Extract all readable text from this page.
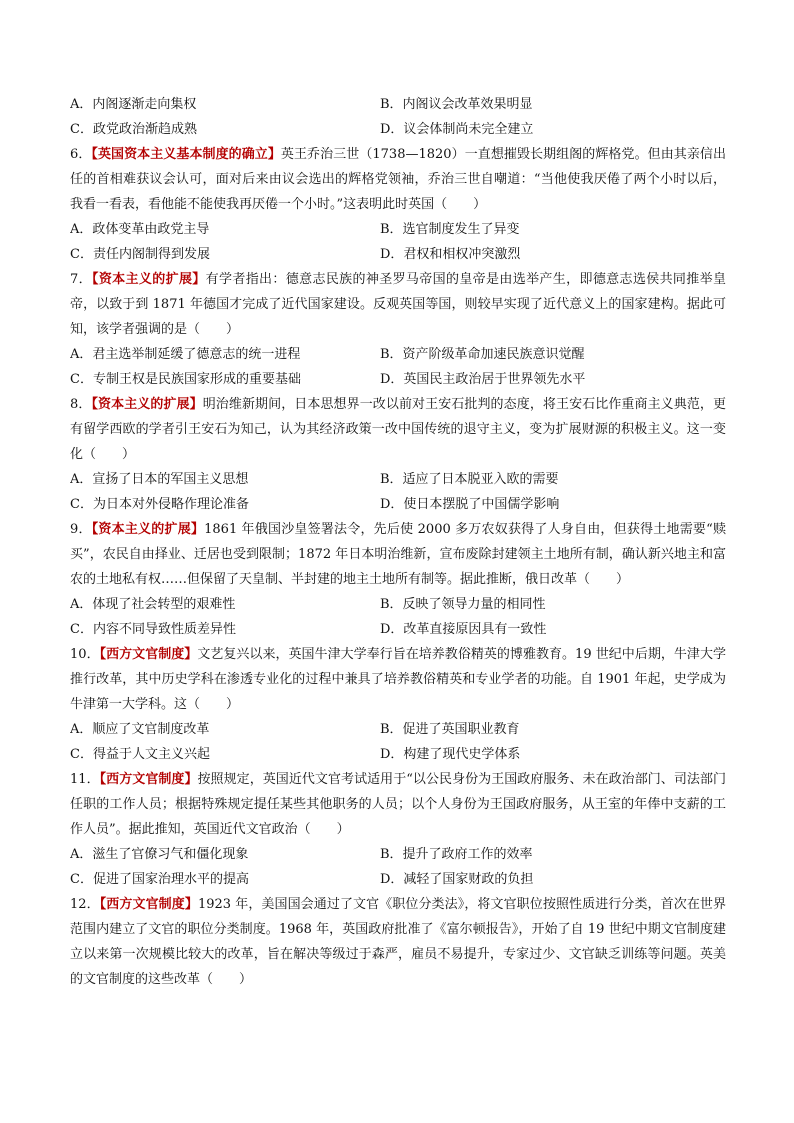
A．内阁逐渐走向集权	B．内阁议会改革效果明显
C．政党政治渐趋成熟	D．议会体制尚未完全建立

6．【英国资本主义基本制度的确立】英王乔治三世（1738—1820）一直想摧毁长期组阁的辉格党。但由其亲信出任的首相难获议会认可，面对后来由议会选出的辉格党领袖，乔治三世自嘲道：“当他使我厌倦了两个小时以后，我看一看表，看他能不能使我再厌倦一个小时。”这表明此时英国（　　）

A．政体变革由政党主导	B．选官制度发生了异变
C．责任内阁制得到发展	D．君权和相权冲突激烈

7．【资本主义的扩展】有学者指出：德意志民族的神圣罗马帝国的皇帝是由选举产生，即德意志选侯共同推举皇帝，以致于到 1871 年德国才完成了近代国家建设。反观英国等国，则较早实现了近代意义上的国家建构。据此可知，该学者强调的是（　　）

A．君主选举制延缓了德意志的统一进程	B．资产阶级革命加速民族意识觉醒
C．专制王权是民族国家形成的重要基础	D．英国民主政治居于世界领先水平

8．【资本主义的扩展】明治维新期间，日本思想界一改以前对王安石批判的态度，将王安石比作重商主义典范，更有留学西欧的学者引王安石为知己，认为其经济政策一改中国传统的退守主义，变为扩展财源的积极主义。这一变化（　　）

A．宣扬了日本的军国主义思想	B．适应了日本脱亚入欧的需要
C．为日本对外侵略作理论准备	D．使日本摆脱了中国儒学影响

9．【资本主义的扩展】1861 年俄国沙皇签署法令，先后使 2000 多万农奴获得了人身自由，但获得土地需要“赎买”，农民自由择业、迁居也受到限制；1872 年日本明治维新，宣布废除封建领主土地所有制，确认新兴地主和富农的土地私有权……但保留了天皇制、半封建的地主土地所有制等。据此推断，俄日改革（　　）

A．体现了社会转型的艰难性	B．反映了领导力量的相同性
C．内容不同导致性质差异性	D．改革直接原因具有一致性

10．【西方文官制度】文艺复兴以来，英国牛津大学奉行旨在培养教俗精英的博雅教育。19 世纪中后期，牛津大学推行改革，其中历史学科在渗透专业化的过程中兼具了培养教俗精英和专业学者的功能。自 1901 年起，史学成为牛津第一大学科。这（　　）

A．顺应了文官制度改革	B．促进了英国职业教育
C．得益于人文主义兴起	D．构建了现代史学体系

11．【西方文官制度】按照规定，英国近代文官考试适用于“以公民身份为王国政府服务、未在政治部门、司法部门任职的工作人员；根据特殊规定提任某些其他职务的人员；以个人身份为王国政府服务，从王室的年俸中支薪的工作人员”。据此推知，英国近代文官政治（　　）

A．滋生了官僚习气和僵化现象	B．提升了政府工作的效率
C．促进了国家治理水平的提高	D．减轻了国家财政的负担

12．【西方文官制度】1923 年，美国国会通过了文官《职位分类法》，将文官职位按照性质进行分类，首次在世界范围内建立了文官的职位分类制度。1968 年，英国政府批准了《富尔顿报告》，开始了自 19 世纪中期文官制度建立以来第一次规模比较大的改革，旨在解决等级过于森严，雇员不易提升，专家过少、文官缺乏训练等问题。英美的文官制度的这些改革（　　）
